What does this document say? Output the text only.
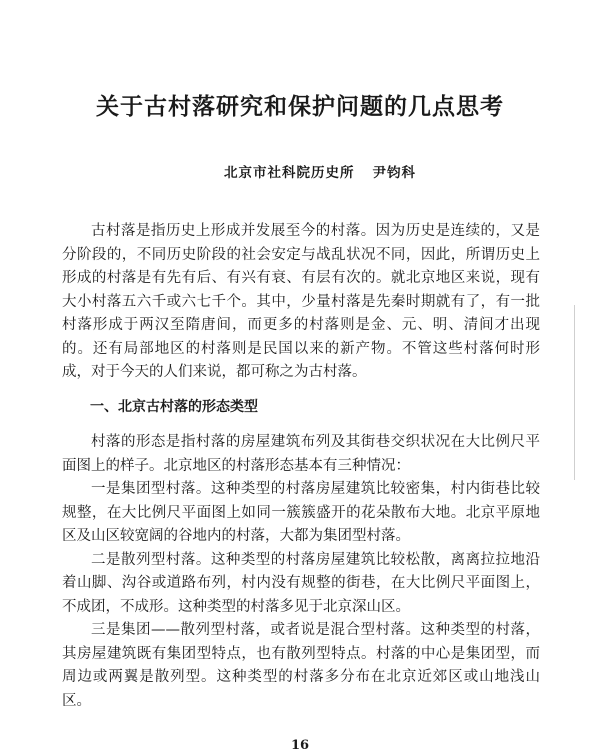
关于古村落研究和保护问题的几点思考
北京市社科院历史所 尹钧科

古村落是指历史上形成并发展至今的村落。因为历史是连续的，又是分阶段的，不同历史阶段的社会安定与战乱状况不同，因此，所谓历史上形成的村落是有先有后、有兴有衰、有层有次的。就北京地区来说，现有大小村落五六千或六七千个。其中，少量村落是先秦时期就有了，有一批村落形成于两汉至隋唐间，而更多的村落则是金、元、明、清间才出现的。还有局部地区的村落则是民国以来的新产物。不管这些村落何时形成，对于今天的人们来说，都可称之为古村落。

一、北京古村落的形态类型

村落的形态是指村落的房屋建筑布列及其街巷交织状况在大比例尺平面图上的样子。北京地区的村落形态基本有三种情况：

一是集团型村落。这种类型的村落房屋建筑比较密集，村内街巷比较规整，在大比例尺平面图上如同一簇簇盛开的花朵散布大地。北京平原地区及山区较宽阔的谷地内的村落，大都为集团型村落。

二是散列型村落。这种类型的村落房屋建筑比较松散，离离拉拉地沿着山脚、沟谷或道路布列，村内没有规整的街巷，在大比例尺平面图上，不成团，不成形。这种类型的村落多见于北京深山区。

三是集团——散列型村落，或者说是混合型村落。这种类型的村落，其房屋建筑既有集团型特点，也有散列型特点。村落的中心是集团型，而周边或两翼是散列型。这种类型的村落多分布在北京近郊区或山地浅山区。

16
